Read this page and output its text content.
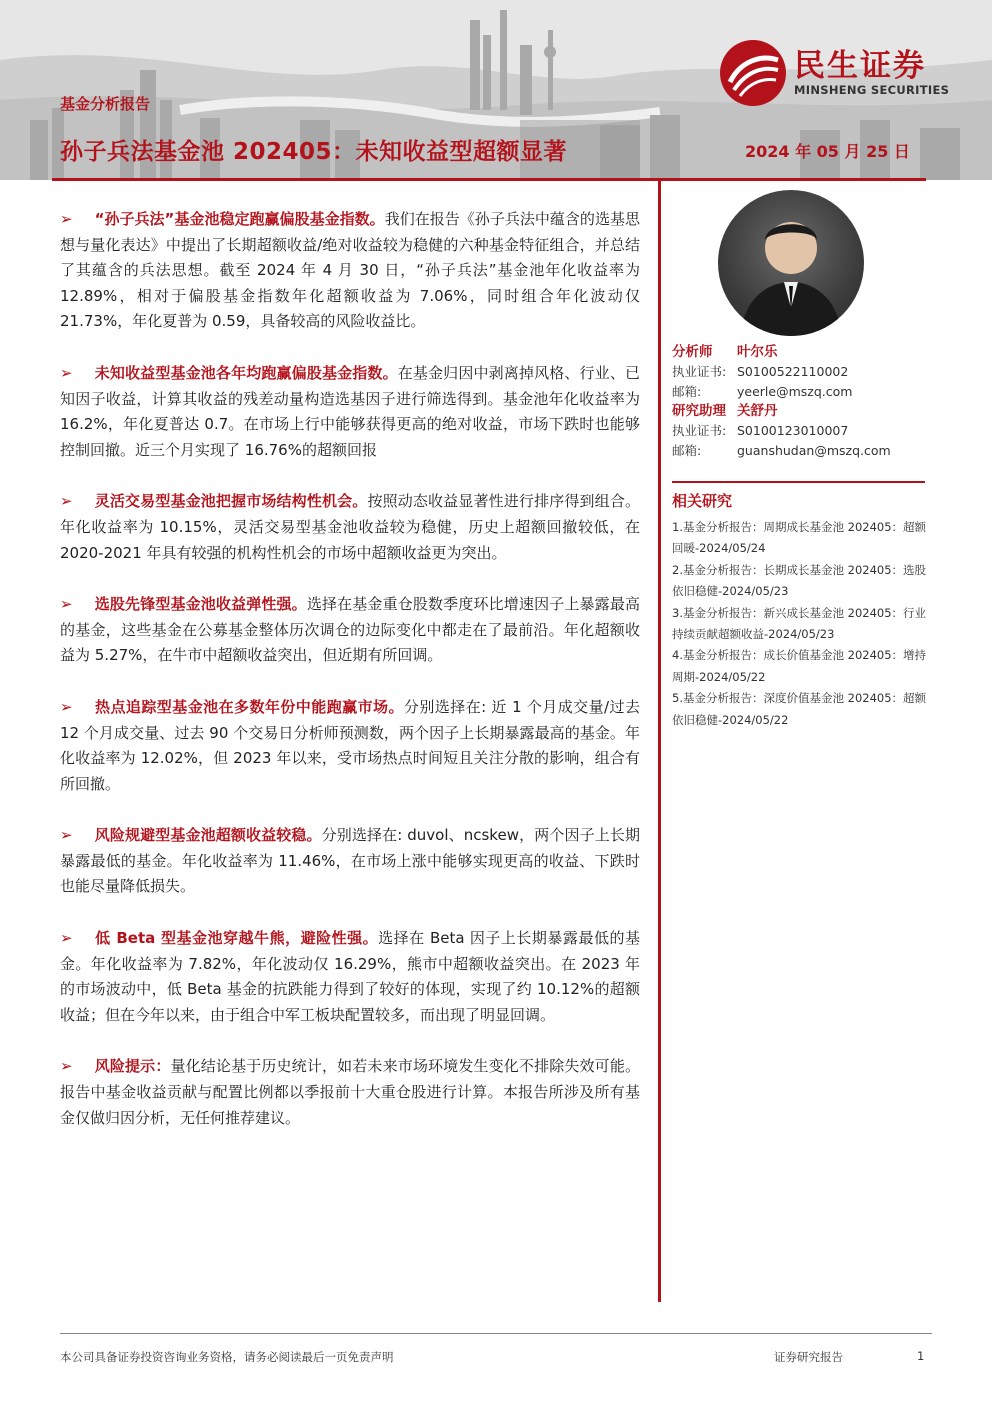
基金分析报告
孙子兵法基金池 202405：未知收益型超额显著	2024 年 05 月 25 日
民生证券
MINSHENG SECURITIES

➢ “孙子兵法”基金池稳定跑赢偏股基金指数。我们在报告《孙子兵法中蕴含的选基思想与量化表达》中提出了长期超额收益/绝对收益较为稳健的六种基金特征组合，并总结了其蕴含的兵法思想。截至 2024 年 4 月 30 日，“孙子兵法”基金池年化收益率为 12.89%，相对于偏股基金指数年化超额收益为 7.06%，同时组合年化波动仅 21.73%，年化夏普为 0.59，具备较高的风险收益比。

➢ 未知收益型基金池各年均跑赢偏股基金指数。在基金归因中剥离掉风格、行业、已知因子收益，计算其收益的残差动量构造选基因子进行筛选得到。基金池年化收益率为 16.2%，年化夏普达 0.7。在市场上行中能够获得更高的绝对收益，市场下跌时也能够控制回撤。近三个月实现了 16.76%的超额回报

➢ 灵活交易型基金池把握市场结构性机会。按照动态收益显著性进行排序得到组合。年化收益率为 10.15%，灵活交易型基金池收益较为稳健，历史上超额回撤较低，在 2020-2021 年具有较强的机构性机会的市场中超额收益更为突出。

➢ 选股先锋型基金池收益弹性强。选择在基金重仓股数季度环比增速因子上暴露最高的基金，这些基金在公募基金整体历次调仓的边际变化中都走在了最前沿。年化超额收益为 5.27%，在牛市中超额收益突出，但近期有所回调。

➢ 热点追踪型基金池在多数年份中能跑赢市场。分别选择在: 近 1 个月成交量/过去 12 个月成交量、过去 90 个交易日分析师预测数，两个因子上长期暴露最高的基金。年化收益率为 12.02%，但 2023 年以来，受市场热点时间短且关注分散的影响，组合有所回撤。

➢ 风险规避型基金池超额收益较稳。分别选择在: duvol、ncskew，两个因子上长期暴露最低的基金。年化收益率为 11.46%，在市场上涨中能够实现更高的收益、下跌时也能尽量降低损失。

➢ 低 Beta 型基金池穿越牛熊，避险性强。选择在 Beta 因子上长期暴露最低的基金。年化收益率为 7.82%，年化波动仅 16.29%，熊市中超额收益突出。在 2023 年的市场波动中，低 Beta 基金的抗跌能力得到了较好的体现，实现了约 10.12%的超额收益；但在今年以来，由于组合中军工板块配置较多，而出现了明显回调。

➢ 风险提示：量化结论基于历史统计，如若未来市场环境发生变化不排除失效可能。报告中基金收益贡献与配置比例都以季报前十大重仓股进行计算。本报告所涉及所有基金仅做归因分析，无任何推荐建议。

分析师 叶尔乐
执业证书: S0100522110002
邮箱:	yeerle@mszq.com
研究助理 关舒丹
执业证书: S0100123010007
邮箱:	guanshudan@mszq.com
相关研究
1.基金分析报告：周期成长基金池 202405：超额回暖-2024/05/24
2.基金分析报告：长期成长基金池 202405：选股依旧稳健-2024/05/23
3.基金分析报告：新兴成长基金池 202405：行业持续贡献超额收益-2024/05/23
4.基金分析报告：成长价值基金池 202405：增持周期-2024/05/22
5.基金分析报告：深度价值基金池 202405：超额依旧稳健-2024/05/22
本公司具备证券投资咨询业务资格，请务必阅读最后一页免责声明	证券研究报告	1
